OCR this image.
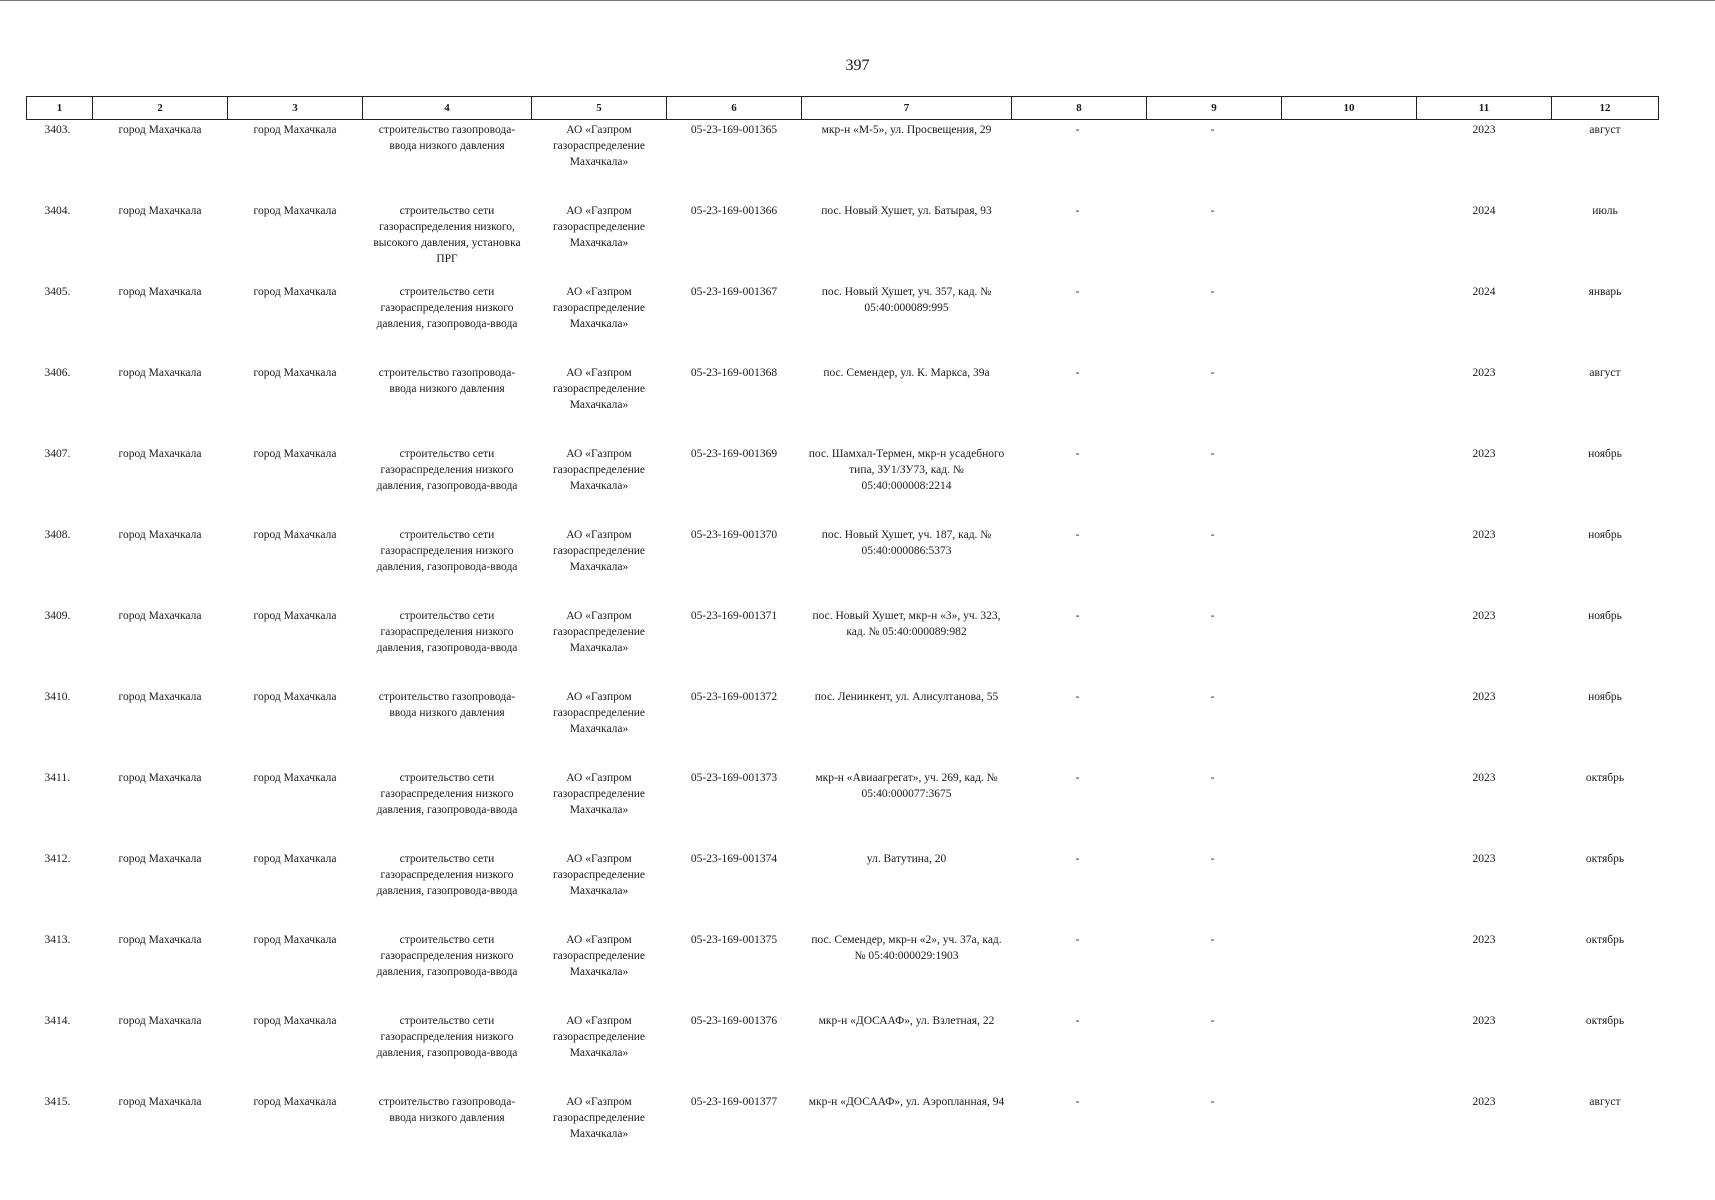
397
1	2	3	4	5	6	7	8	9	10	11	12
3403.	город Махачкала	город Махачкала	строительство газопровода-ввода низкого давления	АО «Газпром газораспределение Махачкала»	05-23-169-001365	мкр-н «М-5», ул. Просвещения, 29	-	-		2023	август
3404.	город Махачкала	город Махачкала	строительство сети газораспределения низкого, высокого давления, установка ПРГ	АО «Газпром газораспределение Махачкала»	05-23-169-001366	пос. Новый Хушет, ул. Батырая, 93	-	-		2024	июль
3405.	город Махачкала	город Махачкала	строительство сети газораспределения низкого давления, газопровода-ввода	АО «Газпром газораспределение Махачкала»	05-23-169-001367	пос. Новый Хушет, уч. 357, кад. № 05:40:000089:995	-	-		2024	январь
3406.	город Махачкала	город Махачкала	строительство газопровода-ввода низкого давления	АО «Газпром газораспределение Махачкала»	05-23-169-001368	пос. Семендер, ул. К. Маркса, 39а	-	-		2023	август
3407.	город Махачкала	город Махачкала	строительство сети газораспределения низкого давления, газопровода-ввода	АО «Газпром газораспределение Махачкала»	05-23-169-001369	пос. Шамхал-Термен, мкр-н усадебного типа, ЗУ1/ЗУ73, кад. № 05:40:000008:2214	-	-		2023	ноябрь
3408.	город Махачкала	город Махачкала	строительство сети газораспределения низкого давления, газопровода-ввода	АО «Газпром газораспределение Махачкала»	05-23-169-001370	пос. Новый Хушет, уч. 187, кад. № 05:40:000086:5373	-	-		2023	ноябрь
3409.	город Махачкала	город Махачкала	строительство сети газораспределения низкого давления, газопровода-ввода	АО «Газпром газораспределение Махачкала»	05-23-169-001371	пос. Новый Хушет, мкр-н «3», уч. 323, кад. № 05:40:000089:982	-	-		2023	ноябрь
3410.	город Махачкала	город Махачкала	строительство газопровода-ввода низкого давления	АО «Газпром газораспределение Махачкала»	05-23-169-001372	пос. Ленинкент, ул. Алисултанова, 55	-	-		2023	ноябрь
3411.	город Махачкала	город Махачкала	строительство сети газораспределения низкого давления, газопровода-ввода	АО «Газпром газораспределение Махачкала»	05-23-169-001373	мкр-н «Авиаагрегат», уч. 269, кад. № 05:40:000077:3675	-	-		2023	октябрь
3412.	город Махачкала	город Махачкала	строительство сети газораспределения низкого давления, газопровода-ввода	АО «Газпром газораспределение Махачкала»	05-23-169-001374	ул. Ватутина, 20	-	-		2023	октябрь
3413.	город Махачкала	город Махачкала	строительство сети газораспределения низкого давления, газопровода-ввода	АО «Газпром газораспределение Махачкала»	05-23-169-001375	пос. Семендер, мкр-н «2», уч. 37а, кад. № 05:40:000029:1903	-	-		2023	октябрь
3414.	город Махачкала	город Махачкала	строительство сети газораспределения низкого давления, газопровода-ввода	АО «Газпром газораспределение Махачкала»	05-23-169-001376	мкр-н «ДОСААФ», ул. Взлетная, 22	-	-		2023	октябрь
3415.	город Махачкала	город Махачкала	строительство газопровода-ввода низкого давления	АО «Газпром газораспределение Махачкала»	05-23-169-001377	мкр-н «ДОСААФ», ул. Аэропланная, 94	-	-		2023	август
